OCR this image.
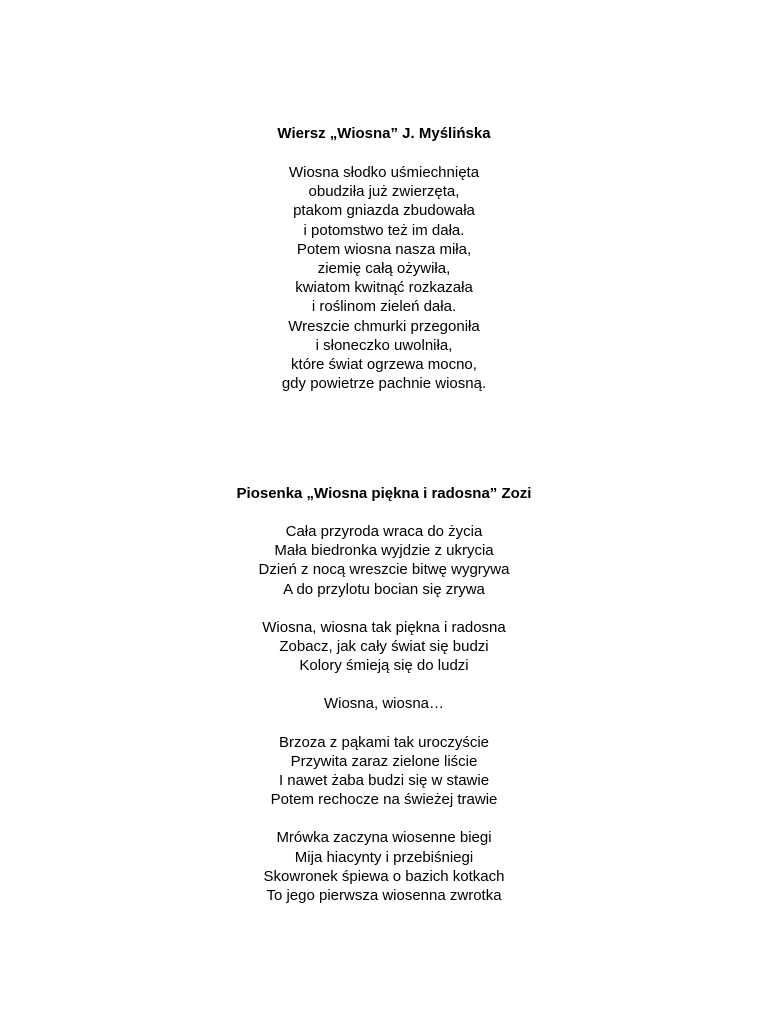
Wiersz „Wiosna” J. Myślińska
Wiosna słodko uśmiechnięta
obudziła już zwierzęta,
ptakom gniazda zbudowała
i potomstwo też im dała.
Potem wiosna nasza miła,
ziemię całą ożywiła,
kwiatom kwitnąć rozkazała
i roślinom zieleń dała.
Wreszcie chmurki przegoniła
i słoneczko uwolniła,
które świat ogrzewa mocno,
gdy powietrze pachnie wiosną.
Piosenka „Wiosna piękna i radosna” Zozi
Cała przyroda wraca do życia
Mała biedronka wyjdzie z ukrycia
Dzień z nocą wreszcie bitwę wygrywa
A do przylotu bocian się zrywa
Wiosna, wiosna tak piękna i radosna
Zobacz, jak cały świat się budzi
Kolory śmieją się do ludzi
Wiosna, wiosna…
Brzoza z pąkami tak uroczyście
Przywita zaraz zielone liście
I nawet żaba budzi się w stawie
Potem rechocze na świeżej trawie
Mrówka zaczyna wiosenne biegi
Mija hiacynty i przebiśniegi
Skowronek śpiewa o bazich kotkach
To jego pierwsza wiosenna zwrotka
